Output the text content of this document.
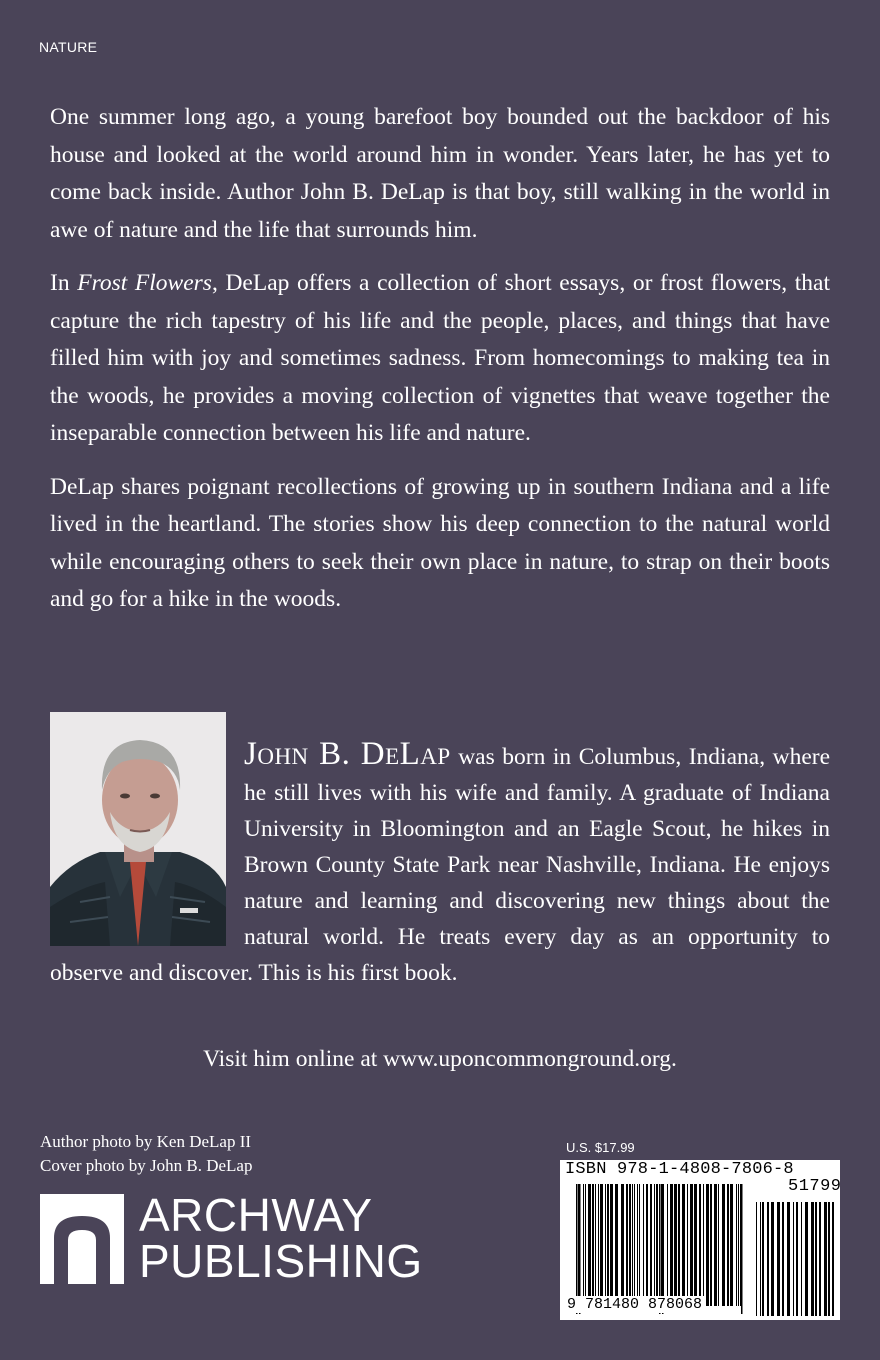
NATURE

One summer long ago, a young barefoot boy bounded out the backdoor of his house and looked at the world around him in wonder. Years later, he has yet to come back inside. Author John B. DeLap is that boy, still walking in the world in awe of nature and the life that surrounds him.

In Frost Flowers, DeLap offers a collection of short essays, or frost flowers, that capture the rich tapestry of his life and the people, places, and things that have filled him with joy and sometimes sadness. From homecomings to making tea in the woods, he provides a moving collection of vignettes that weave together the inseparable connection between his life and nature.

DeLap shares poignant recollections of growing up in southern Indiana and a life lived in the heartland. The stories show his deep connection to the natural world while encouraging others to seek their own place in nature, to strap on their boots and go for a hike in the woods.

John B. DeLap was born in Columbus, Indiana, where he still lives with his wife and family. A graduate of Indiana University in Bloomington and an Eagle Scout, he hikes in Brown County State Park near Nashville, Indiana. He enjoys nature and learning and discovering new things about the natural world. He treats every day as an opportunity to observe and discover. This is his first book.

Visit him online at www.uponcommonground.org.
Author photo by Ken DeLap II
Cover photo by John B. DeLap
ARCHWAY
PUBLISHING
U.S. $17.99
ISBN 978-1-4808-7806-8
51799
9 781480 878068
